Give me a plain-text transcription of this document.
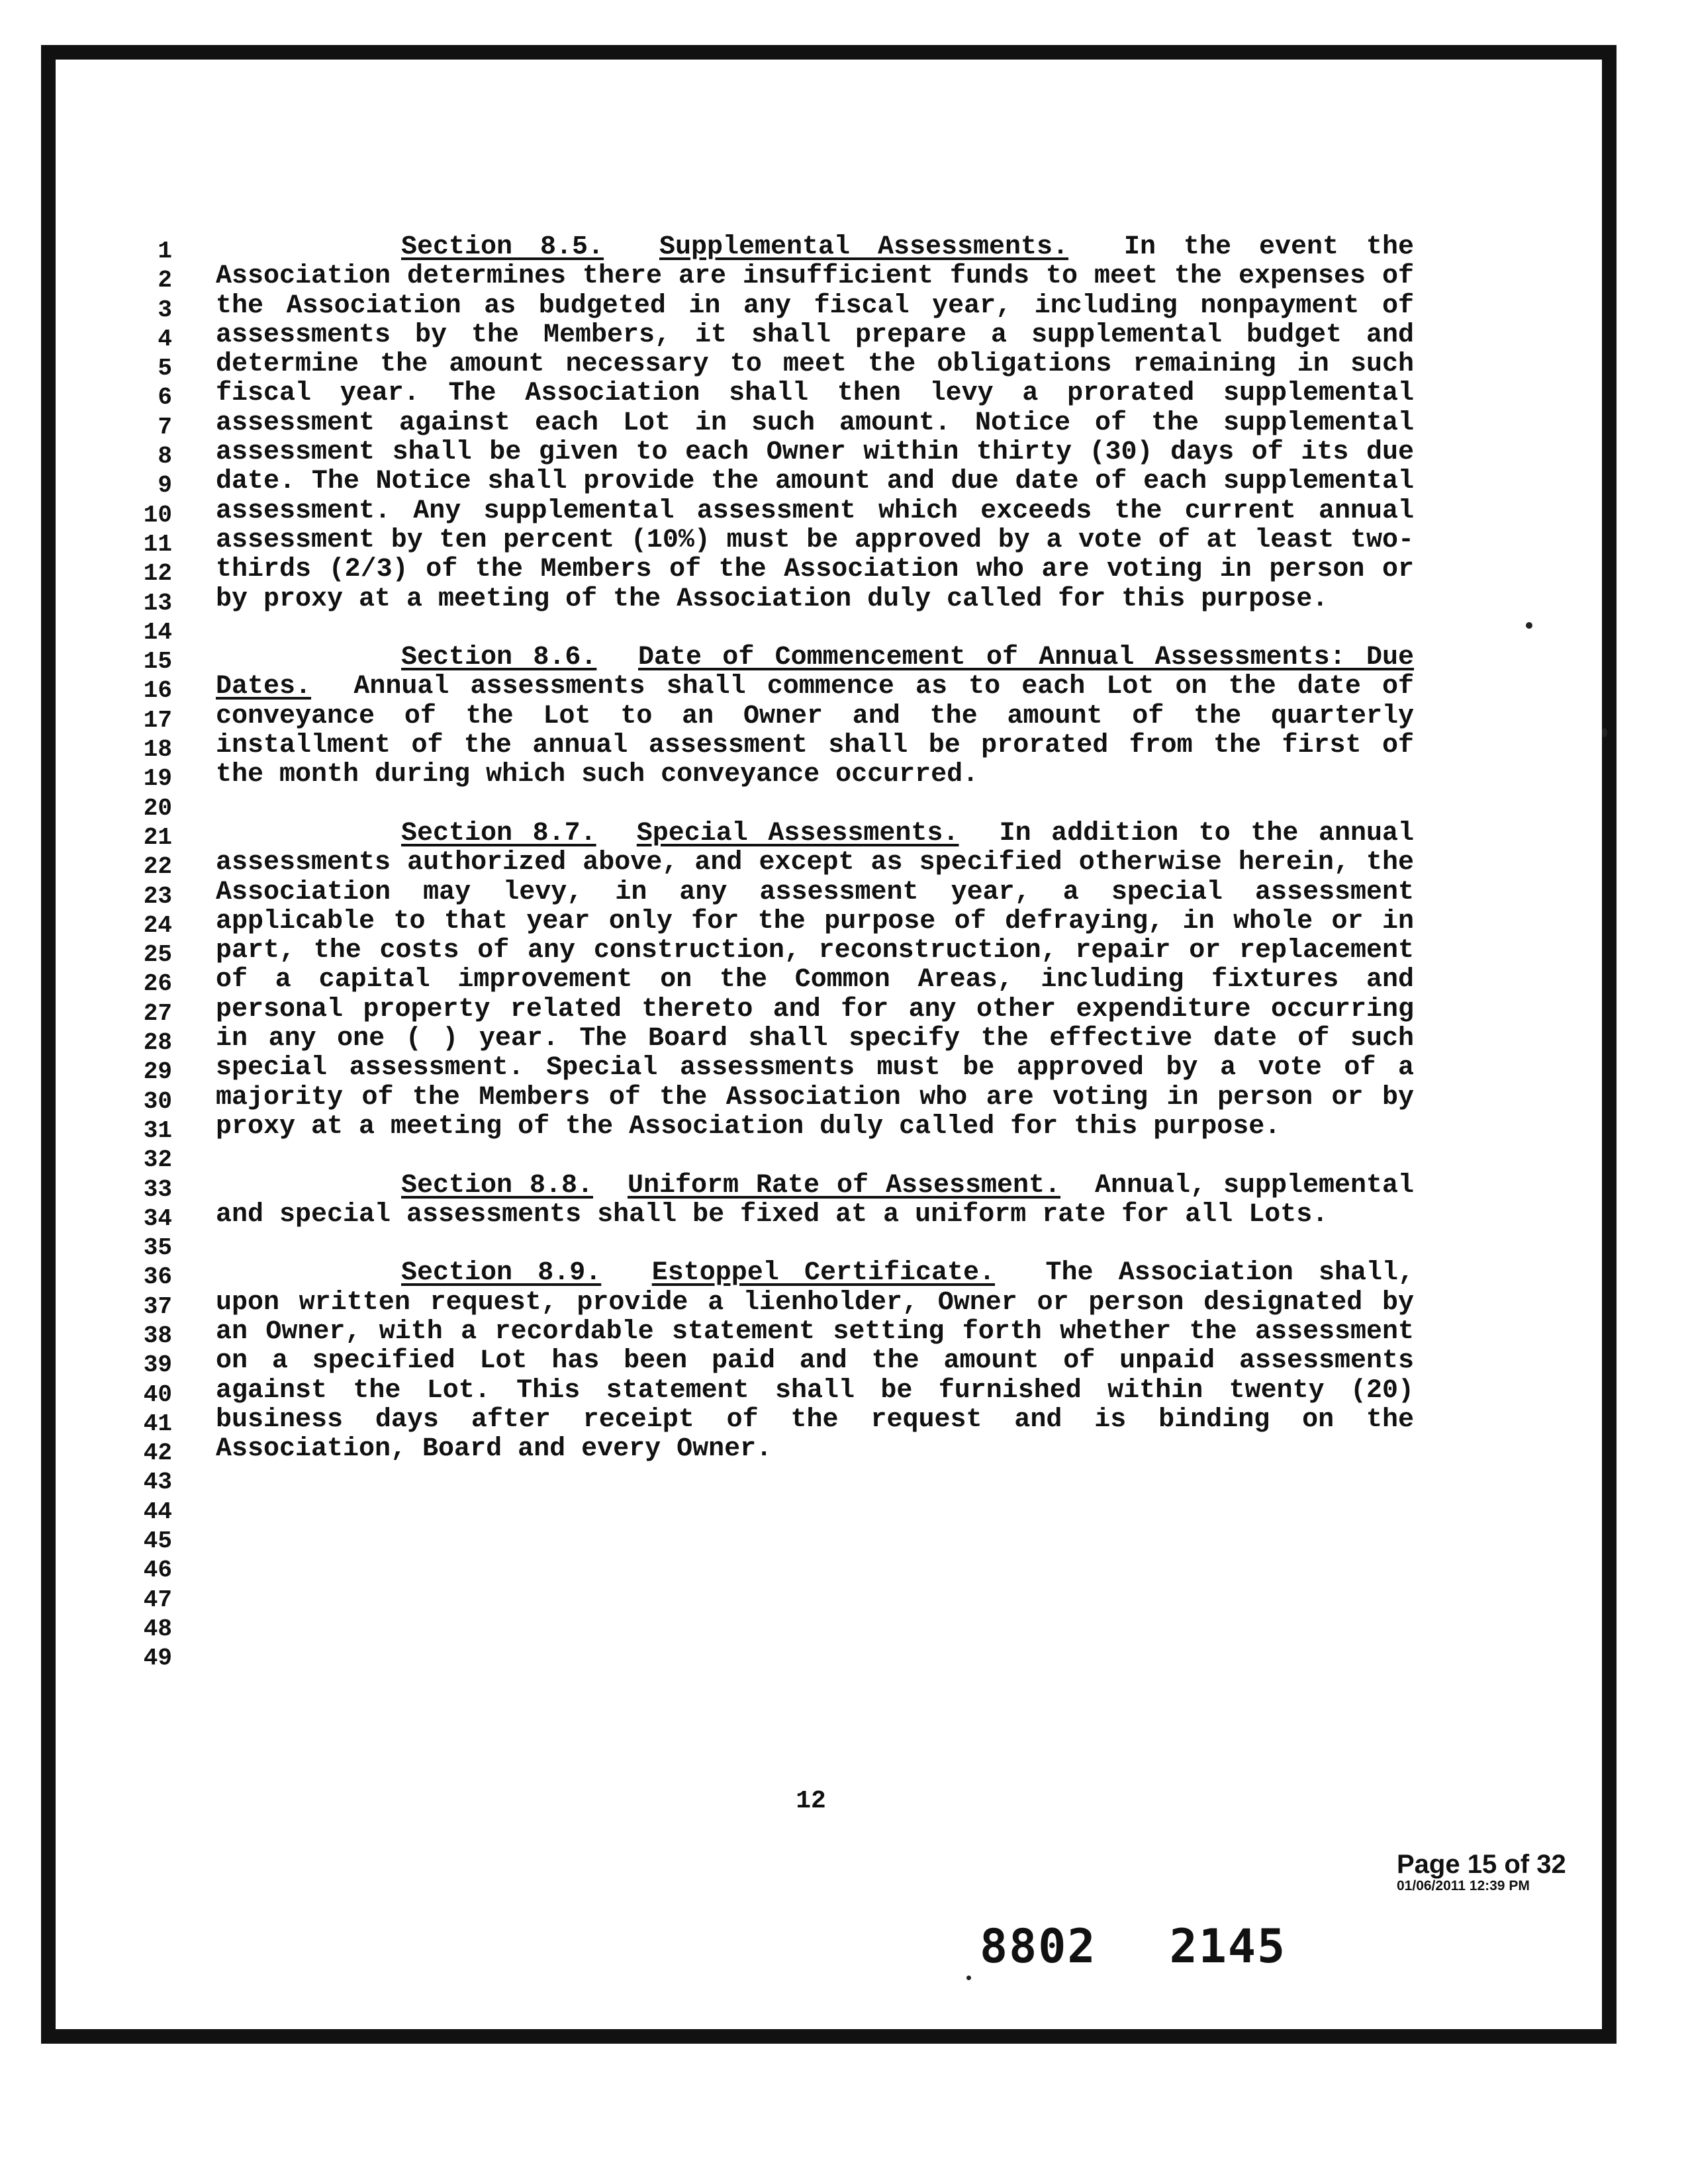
1
2
3
4
5
6
7
8
9
10
11
12
13
14
15
16
17
18
19
20
21
22
23
24
25
26
27
28
29
30
31
32
33
34
35
36
37
38
39
40
41
42
43
44
45
46
47
48
49

Section 8.5. Supplemental Assessments. In the event the Association determines there are insufficient funds to meet the expenses of the Association as budgeted in any fiscal year, including nonpayment of assessments by the Members, it shall prepare a supplemental budget and determine the amount necessary to meet the obligations remaining in such fiscal year. The Association shall then levy a prorated supplemental assessment against each Lot in such amount. Notice of the supplemental assessment shall be given to each Owner within thirty (30) days of its due date. The Notice shall provide the amount and due date of each supplemental assessment. Any supplemental assessment which exceeds the current annual assessment by ten percent (10%) must be approved by a vote of at least two-thirds (2/3) of the Members of the Association who are voting in person or by proxy at a meeting of the Association duly called for this purpose.

Section 8.6. Date of Commencement of Annual Assessments: Due Dates. Annual assessments shall commence as to each Lot on the date of conveyance of the Lot to an Owner and the amount of the quarterly installment of the annual assessment shall be prorated from the first of the month during which such conveyance occurred.

Section 8.7. Special Assessments. In addition to the annual assessments authorized above, and except as specified otherwise herein, the Association may levy, in any assessment year, a special assessment applicable to that year only for the purpose of defraying, in whole or in part, the costs of any construction, reconstruction, repair or replacement of a capital improvement on the Common Areas, including fixtures and personal property related thereto and for any other expenditure occurring in any one ( ) year. The Board shall specify the effective date of such special assessment. Special assessments must be approved by a vote of a majority of the Members of the Association who are voting in person or by proxy at a meeting of the Association duly called for this purpose.

Section 8.8. Uniform Rate of Assessment. Annual, supplemental and special assessments shall be fixed at a uniform rate for all Lots.

Section 8.9. Estoppel Certificate. The Association shall, upon written request, provide a lienholder, Owner or person designated by an Owner, with a recordable statement setting forth whether the assessment on a specified Lot has been paid and the amount of unpaid assessments against the Lot. This statement shall be furnished within twenty (20) business days after receipt of the request and is binding on the Association, Board and every Owner.

12
Page 15 of 32
01/06/2011 12:39 PM
8802 2145
